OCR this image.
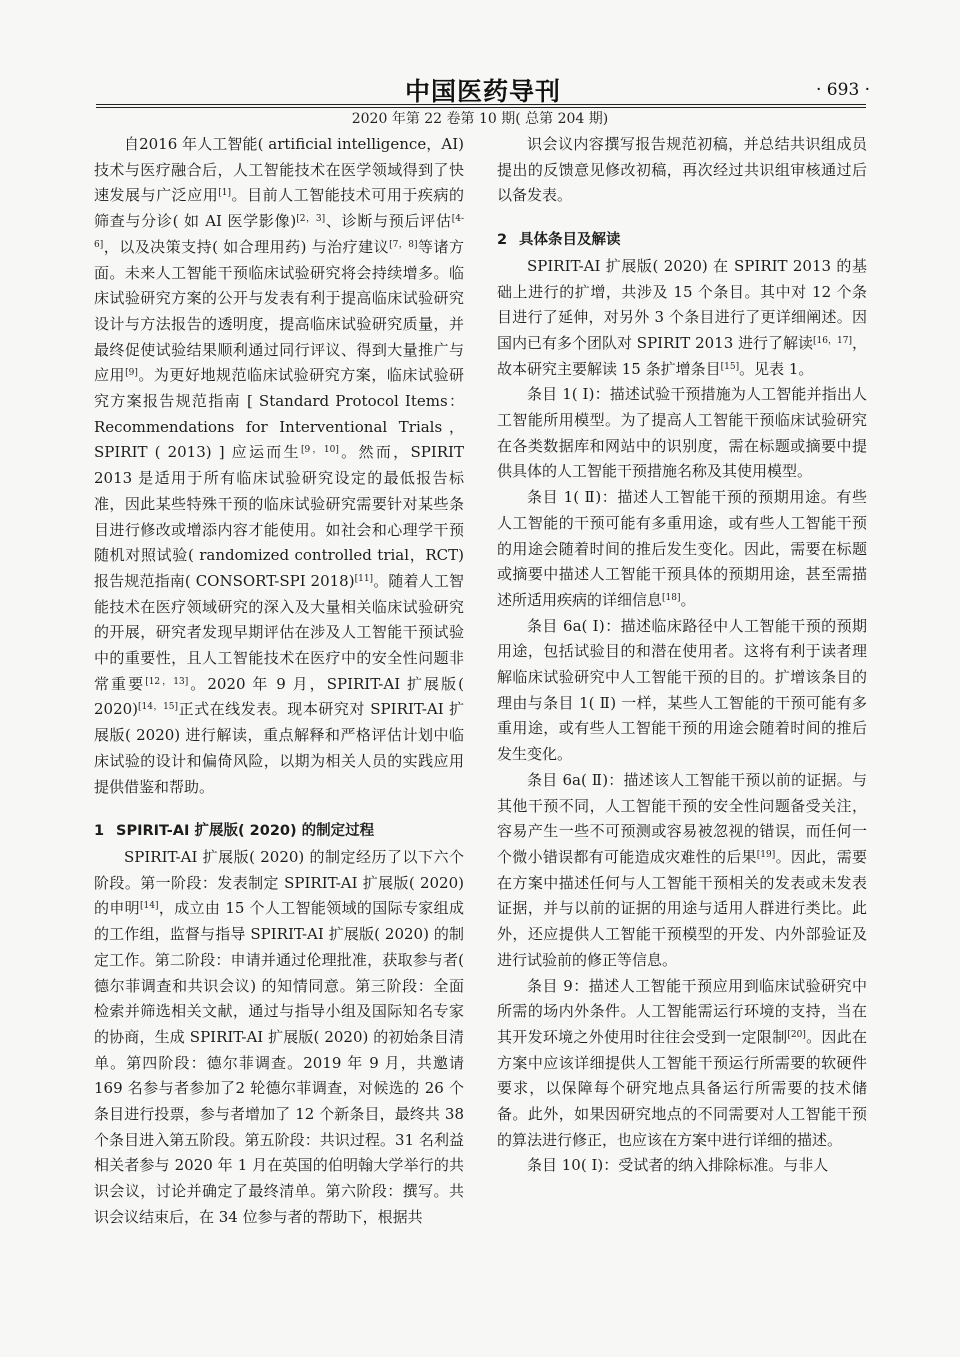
中国医药导刊	· 693 ·
2020 年第 22 卷第 10 期( 总第 204 期)

自2016 年人工智能( artificial intelligence，AI) 技术与医疗融合后，人工智能技术在医学领域得到了快速发展与广泛应用[1]。目前人工智能技术可用于疾病的筛查与分诊( 如 AI 医学影像)[2，3]、诊断与预后评估[4-6]，以及决策支持( 如合理用药) 与治疗建议[7，8]等诸方面。未来人工智能干预临床试验研究将会持续增多。临床试验研究方案的公开与发表有利于提高临床试验研究设计与方法报告的透明度，提高临床试验研究质量，并最终促使试验结果顺利通过同行评议、得到大量推广与应用[9]。为更好地规范临床试验研究方案，临床试验研究方案报告规范指南 [ Standard Protocol Items：Recommendations for Interventional Trials，SPIRIT ( 2013) ] 应运而生[9，10]。然而，SPIRIT 2013 是适用于所有临床试验研究设定的最低报告标准，因此某些特殊干预的临床试验研究需要针对某些条目进行修改或增添内容才能使用。如社会和心理学干预随机对照试验( randomized controlled trial，RCT) 报告规范指南( CONSORT-SPI 2018)[11]。随着人工智能技术在医疗领域研究的深入及大量相关临床试验研究的开展，研究者发现早期评估在涉及人工智能干预试验中的重要性，且人工智能技术在医疗中的安全性问题非常重要[12，13]。2020 年 9 月，SPIRIT-AI 扩展版( 2020)[14，15]正式在线发表。现本研究对 SPIRIT-AI 扩展版( 2020) 进行解读，重点解释和严格评估计划中临床试验的设计和偏倚风险，以期为相关人员的实践应用提供借鉴和帮助。

1 SPIRIT-AI 扩展版( 2020) 的制定过程

SPIRIT-AI 扩展版( 2020) 的制定经历了以下六个阶段。第一阶段：发表制定 SPIRIT-AI 扩展版( 2020) 的申明[14]，成立由 15 个人工智能领域的国际专家组成的工作组，监督与指导 SPIRIT-AI 扩展版( 2020) 的制定工作。第二阶段：申请并通过伦理批准，获取参与者( 德尔菲调查和共识会议) 的知情同意。第三阶段：全面检索并筛选相关文献，通过与指导小组及国际知名专家的协商，生成 SPIRIT-AI 扩展版( 2020) 的初始条目清单。第四阶段：德尔菲调查。2019 年 9 月，共邀请169 名参与者参加了2 轮德尔菲调查，对候选的 26 个条目进行投票，参与者增加了 12 个新条目，最终共 38 个条目进入第五阶段。第五阶段：共识过程。31 名利益相关者参与 2020 年 1 月在英国的伯明翰大学举行的共识会议，讨论并确定了最终清单。第六阶段：撰写。共识会议结束后，在 34 位参与者的帮助下，根据共

识会议内容撰写报告规范初稿，并总结共识组成员提出的反馈意见修改初稿，再次经过共识组审核通过后以备发表。

2 具体条目及解读

SPIRIT-AI 扩展版( 2020) 在 SPIRIT 2013 的基础上进行的扩增，共涉及 15 个条目。其中对 12 个条目进行了延伸，对另外 3 个条目进行了更详细阐述。因国内已有多个团队对 SPIRIT 2013 进行了解读[16，17]，故本研究主要解读 15 条扩增条目[15]。见表 1。

条目 1( Ⅰ)：描述试验干预措施为人工智能并指出人工智能所用模型。为了提高人工智能干预临床试验研究在各类数据库和网站中的识别度，需在标题或摘要中提供具体的人工智能干预措施名称及其使用模型。

条目 1( Ⅱ)：描述人工智能干预的预期用途。有些人工智能的干预可能有多重用途，或有些人工智能干预的用途会随着时间的推后发生变化。因此，需要在标题或摘要中描述人工智能干预具体的预期用途，甚至需描述所适用疾病的详细信息[18]。

条目 6a( Ⅰ)：描述临床路径中人工智能干预的预期用途，包括试验目的和潜在使用者。这将有利于读者理解临床试验研究中人工智能干预的目的。扩增该条目的理由与条目 1( Ⅱ) 一样，某些人工智能的干预可能有多重用途，或有些人工智能干预的用途会随着时间的推后发生变化。

条目 6a( Ⅱ)：描述该人工智能干预以前的证据。与其他干预不同，人工智能干预的安全性问题备受关注，容易产生一些不可预测或容易被忽视的错误，而任何一个微小错误都有可能造成灾难性的后果[19]。因此，需要在方案中描述任何与人工智能干预相关的发表或未发表证据，并与以前的证据的用途与适用人群进行类比。此外，还应提供人工智能干预模型的开发、内外部验证及进行试验前的修正等信息。

条目 9：描述人工智能干预应用到临床试验研究中所需的场内外条件。人工智能需运行环境的支持，当在其开发环境之外使用时往往会受到一定限制[20]。因此在方案中应该详细提供人工智能干预运行所需要的软硬件要求，以保障每个研究地点具备运行所需要的技术储备。此外，如果因研究地点的不同需要对人工智能干预的算法进行修正，也应该在方案中进行详细的描述。

条目 10( Ⅰ)：受试者的纳入排除标准。与非人
